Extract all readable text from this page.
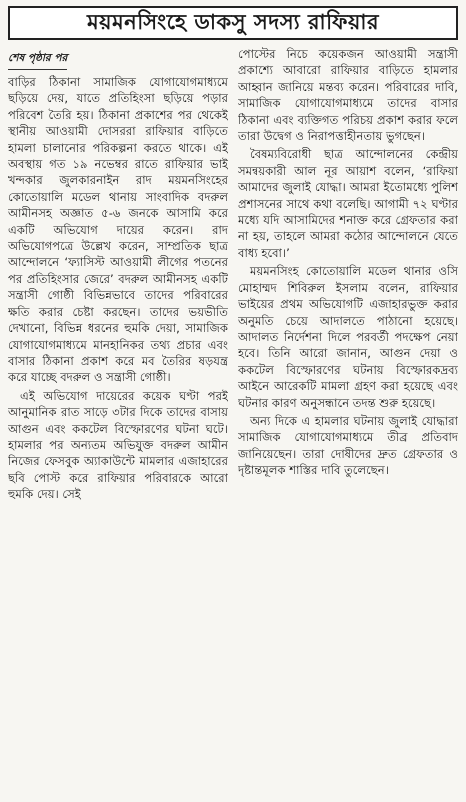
ময়মনসিংহে ডাকসু সদস্য রাফিয়ার
শেষ পৃষ্ঠার পর

বাড়ির ঠিকানা সামাজিক যোগাযোগমাধ্যমে ছড়িয়ে দেয়, যাতে প্রতিহিংসা ছড়িয়ে পড়ার পরিবেশ তৈরি হয়। ঠিকানা প্রকাশের পর থেকেই স্থানীয় আওয়ামী দোসররা রাফিয়ার বাড়িতে হামলা চালানোর পরিকল্পনা করতে থাকে। এই অবস্থায় গত ১৯ নভেম্বর রাতে রাফিয়ার ভাই খন্দকার জুলকারনাইন রাদ ময়মনসিংহের কোতোয়ালি মডেল থানায় সাংবাদিক বদরুল আমীনসহ অজ্ঞাত ৫-৬ জনকে আসামি করে একটি অভিযোগ দায়ের করেন। রাদ অভিযোগপত্রে উল্লেখ করেন, সাম্প্রতিক ছাত্র আন্দোলনে ‘ফ্যাসিস্ট আওয়ামী লীগের পতনের পর প্রতিহিংসার জেরে’ বদরুল আমীনসহ একটি সন্ত্রাসী গোষ্ঠী বিভিন্নভাবে তাদের পরিবারের ক্ষতি করার চেষ্টা করছেন। তাদের ভয়ভীতি দেখানো, বিভিন্ন ধরনের হুমকি দেয়া, সামাজিক যোগাযোগমাধ্যমে মানহানিকর তথ্য প্রচার এবং বাসার ঠিকানা প্রকাশ করে মব তৈরির ষড়যন্ত্র করে যাচ্ছে বদরুল ও সন্ত্রাসী গোষ্ঠী।

এই অভিযোগ দায়েরের কয়েক ঘণ্টা পরই আনুমানিক রাত সাড়ে ৩টার দিকে তাদের বাসায় আগুন এবং ককটেল বিস্ফোরণের ঘটনা ঘটে। হামলার পর অন্যতম অভিযুক্ত বদরুল আমীন নিজের ফেসবুক অ্যাকাউন্টে মামলার এজাহারের ছবি পোস্ট করে রাফিয়ার পরিবারকে আরো হুমকি দেয়। সেই

পোস্টের নিচে কয়েকজন আওয়ামী সন্ত্রাসী প্রকাশ্যে আবারো রাফিয়ার বাড়িতে হামলার আহ্বান জানিয়ে মন্তব্য করেন। পরিবারের দাবি, সামাজিক যোগাযোগমাধ্যমে তাদের বাসার ঠিকানা এবং ব্যক্তিগত পরিচয় প্রকাশ করার ফলে তারা উদ্বেগ ও নিরাপত্তাহীনতায় ভুগছেন।

বৈষম্যবিরোধী ছাত্র আন্দোলনের কেন্দ্রীয় সমন্বয়কারী আল নূর আয়াশ বলেন, ‘রাফিয়া আমাদের জুলাই যোদ্ধা। আমরা ইতোমধ্যে পুলিশ প্রশাসনের সাথে কথা বলেছি। আগামী ৭২ ঘণ্টার মধ্যে যদি আসামিদের শনাক্ত করে গ্রেফতার করা না হয়, তাহলে আমরা কঠোর আন্দোলনে যেতে বাধ্য হবো।’

ময়মনসিংহ কোতোয়ালি মডেল থানার ওসি মোহাম্মদ শিবিরুল ইসলাম বলেন, রাফিয়ার ভাইয়ের প্রথম অভিযোগটি এজাহারভুক্ত করার অনুমতি চেয়ে আদালতে পাঠানো হয়েছে। আদালত নির্দেশনা দিলে পরবর্তী পদক্ষেপ নেয়া হবে। তিনি আরো জানান, আগুন দেয়া ও ককটেল বিস্ফোরণের ঘটনায় বিস্ফোরকদ্রব্য আইনে আরেকটি মামলা গ্রহণ করা হয়েছে এবং ঘটনার কারণ অনুসন্ধানে তদন্ত শুরু হয়েছে।

অন্য দিকে এ হামলার ঘটনায় জুলাই যোদ্ধারা সামাজিক যোগাযোগমাধ্যমে তীব্র প্রতিবাদ জানিয়েছেন। তারা দোষীদের দ্রুত গ্রেফতার ও দৃষ্টান্তমূলক শাস্তির দাবি তুলেছেন।
